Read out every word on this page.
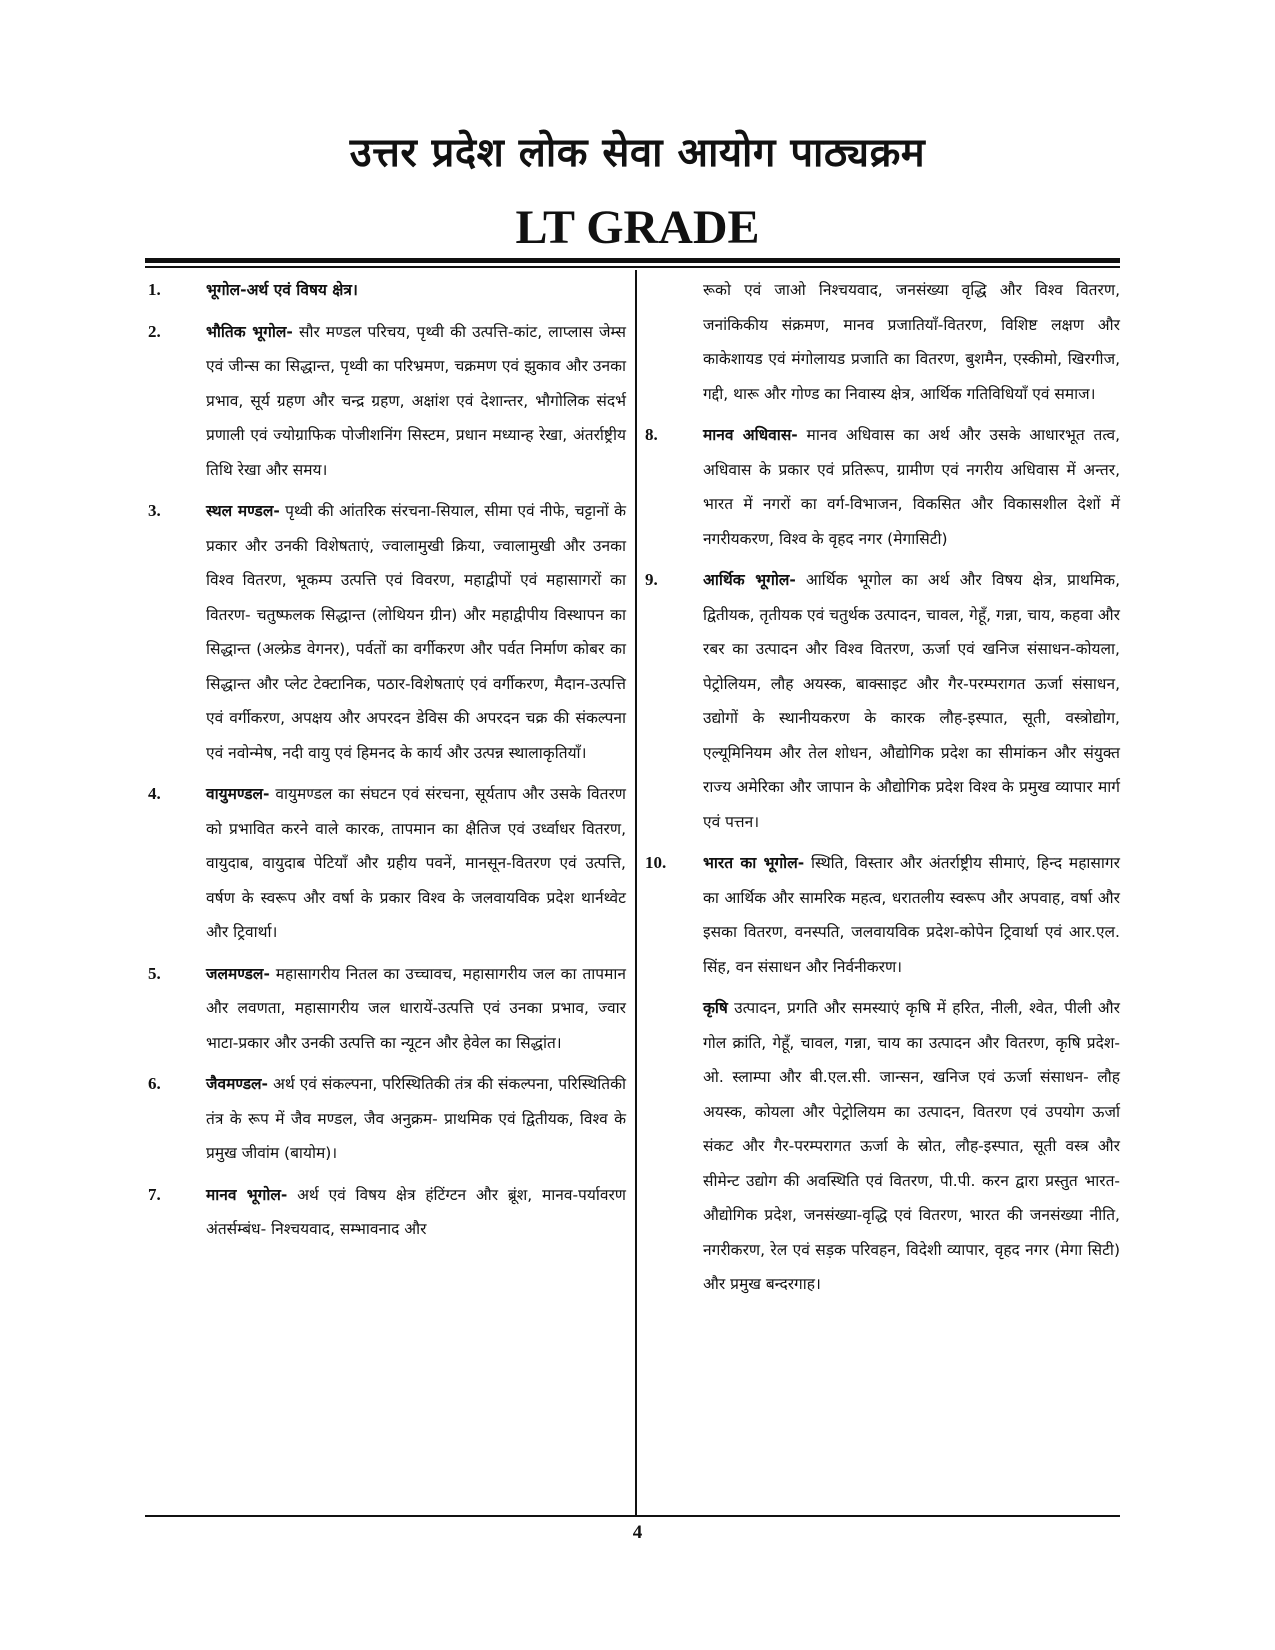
उत्तर प्रदेश लोक सेवा आयोग पाठ्यक्रम
LT GRADE
1.	भूगोल-अर्थ एवं विषय क्षेत्र।
2.	भौतिक भूगोल- सौर मण्डल परिचय, पृथ्वी की उत्पत्ति-कांट, लाप्लास जेम्स एवं जीन्स का सिद्धान्त, पृथ्वी का परिभ्रमण, चक्रमण एवं झुकाव और उनका प्रभाव, सूर्य ग्रहण और चन्द्र ग्रहण, अक्षांश एवं देशान्तर, भौगोलिक संदर्भ प्रणाली एवं ज्योग्राफिक पोजीशनिंग सिस्टम, प्रधान मध्यान्ह रेखा, अंतर्राष्ट्रीय तिथि रेखा और समय।
3.	स्थल मण्डल- पृथ्वी की आंतरिक संरचना-सियाल, सीमा एवं नीफे, चट्टानों के प्रकार और उनकी विशेषताएं, ज्वालामुखी क्रिया, ज्वालामुखी और उनका विश्व वितरण, भूकम्प उत्पत्ति एवं विवरण, महाद्वीपों एवं महासागरों का वितरण- चतुष्फलक सिद्धान्त (लोथियन ग्रीन) और महाद्वीपीय विस्थापन का सिद्धान्त (अल्फ्रेड वेगनर), पर्वतों का वर्गीकरण और पर्वत निर्माण कोबर का सिद्धान्त और प्लेट टेक्टानिक, पठार-विशेषताएं एवं वर्गीकरण, मैदान-उत्पत्ति एवं वर्गीकरण, अपक्षय और अपरदन डेविस की अपरदन चक्र की संकल्पना एवं नवोन्मेष, नदी वायु एवं हिमनद के कार्य और उत्पन्न स्थालाकृतियाँ।
4.	वायुमण्डल- वायुमण्डल का संघटन एवं संरचना, सूर्यताप और उसके वितरण को प्रभावित करने वाले कारक, तापमान का क्षैतिज एवं उर्ध्वाधर वितरण, वायुदाब, वायुदाब पेटियाँ और ग्रहीय पवनें, मानसून-वितरण एवं उत्पत्ति, वर्षण के स्वरूप और वर्षा के प्रकार विश्व के जलवायविक प्रदेश थार्नथ्वेट और ट्रिवार्था।
5.	जलमण्डल- महासागरीय नितल का उच्चावच, महासागरीय जल का तापमान और लवणता, महासागरीय जल धारायें-उत्पत्ति एवं उनका प्रभाव, ज्वार भाटा-प्रकार और उनकी उत्पत्ति का न्यूटन और हेवेल का सिद्धांत।
6.	जैवमण्डल- अर्थ एवं संकल्पना, परिस्थितिकी तंत्र की संकल्पना, परिस्थितिकी तंत्र के रूप में जैव मण्डल, जैव अनुक्रम- प्राथमिक एवं द्वितीयक, विश्व के प्रमुख जीवांम (बायोम)।
7.	मानव भूगोल- अर्थ एवं विषय क्षेत्र हंटिंग्टन और ब्रूंश, मानव-पर्यावरण अंतर्सम्बंध- निश्चयवाद, सम्भावनाद और
रूको एवं जाओ निश्चयवाद, जनसंख्या वृद्धि और विश्व वितरण, जनांकिकीय संक्रमण, मानव प्रजातियाँ-वितरण, विशिष्ट लक्षण और काकेशायड एवं मंगोलायड प्रजाति का वितरण, बुशमैन, एस्कीमो, खिरगीज, गद्दी, थारू और गोण्ड का निवास्य क्षेत्र, आर्थिक गतिविधियाँ एवं समाज।
8.	मानव अधिवास- मानव अधिवास का अर्थ और उसके आधारभूत तत्व, अधिवास के प्रकार एवं प्रतिरूप, ग्रामीण एवं नगरीय अधिवास में अन्तर, भारत में नगरों का वर्ग-विभाजन, विकसित और विकासशील देशों में नगरीयकरण, विश्व के वृहद नगर (मेगासिटी)
9.	आर्थिक भूगोल- आर्थिक भूगोल का अर्थ और विषय क्षेत्र, प्राथमिक, द्वितीयक, तृतीयक एवं चतुर्थक उत्पादन, चावल, गेहूँ, गन्ना, चाय, कहवा और रबर का उत्पादन और विश्व वितरण, ऊर्जा एवं खनिज संसाधन-कोयला, पेट्रोलियम, लौह अयस्क, बाक्साइट और गैर-परम्परागत ऊर्जा संसाधन, उद्योगों के स्थानीयकरण के कारक लौह-इस्पात, सूती, वस्त्रोद्योग, एल्यूमिनियम और तेल शोधन, औद्योगिक प्रदेश का सीमांकन और संयुक्त राज्य अमेरिका और जापान के औद्योगिक प्रदेश विश्व के प्रमुख व्यापार मार्ग एवं पत्तन।
10. भारत का भूगोल- स्थिति, विस्तार और अंतर्राष्ट्रीय सीमाएं, हिन्द महासागर का आर्थिक और सामरिक महत्व, धरातलीय स्वरूप और अपवाह, वर्षा और इसका वितरण, वनस्पति, जलवायविक प्रदेश-कोपेन ट्रिवार्था एवं आर.एल. सिंह, वन संसाधन और निर्वनीकरण।
कृषि उत्पादन, प्रगति और समस्याएं कृषि में हरित, नीली, श्वेत, पीली और गोल क्रांति, गेहूँ, चावल, गन्ना, चाय का उत्पादन और वितरण, कृषि प्रदेश-ओ. स्लाम्पा और बी.एल.सी. जान्सन, खनिज एवं ऊर्जा संसाधन- लौह अयस्क, कोयला और पेट्रोलियम का उत्पादन, वितरण एवं उपयोग ऊर्जा संकट और गैर-परम्परागत ऊर्जा के स्रोत, लौह-इस्पात, सूती वस्त्र और सीमेन्ट उद्योग की अवस्थिति एवं वितरण, पी.पी. करन द्वारा प्रस्तुत भारत-औद्योगिक प्रदेश, जनसंख्या-वृद्धि एवं वितरण, भारत की जनसंख्या नीति, नगरीकरण, रेल एवं सड़क परिवहन, विदेशी व्यापार, वृहद नगर (मेगा सिटी) और प्रमुख बन्दरगाह।
4
